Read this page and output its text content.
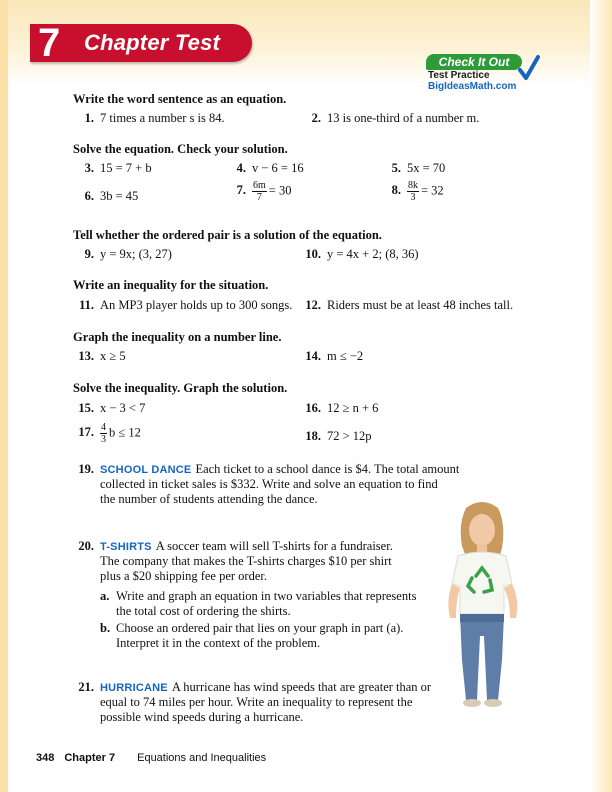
7 Chapter Test
Check It Out
Test Practice
BigIdeasMath.com
Write the word sentence as an equation.
1. 7 times a number s is 84.	2. 13 is one-third of a number m.
Solve the equation. Check your solution.
3. 15 = 7 + b	4. v − 6 = 16	5. 5x = 70
6. 3b = 45	7. $\frac{6m}{7} = 30$	8. $\frac{8k}{3} = 32$
Tell whether the ordered pair is a solution of the equation.
9. y = 9x; (3, 27)	10. y = 4x + 2; (8, 36)
Write an inequality for the situation.
11. An MP3 player holds up to 300 songs.	12. Riders must be at least 48 inches tall.
Graph the inequality on a number line.
13. x ≥ 5	14. m ≤ −2
Solve the inequality. Graph the solution.
15. x − 3 < 7	16. 12 ≥ n + 6
17. $\frac{4}{3}$ b ≤ 12	18. 72 > 12p
19. SCHOOL DANCE Each ticket to a school dance is $4. The total amount
collected in ticket sales is $332. Write and solve an equation to find
the number of students attending the dance.
20. T-SHIRTS A soccer team will sell T-shirts for a fundraiser.
The company that makes the T-shirts charges $10 per shirt
plus a $20 shipping fee per order.
a. Write and graph an equation in two variables that represents
the total cost of ordering the shirts.
b. Choose an ordered pair that lies on your graph in part (a).
Interpret it in the context of the problem.
21. HURRICANE A hurricane has wind speeds that are greater than or
equal to 74 miles per hour. Write an inequality to represent the
possible wind speeds during a hurricane.
348 Chapter 7 Equations and Inequalities
